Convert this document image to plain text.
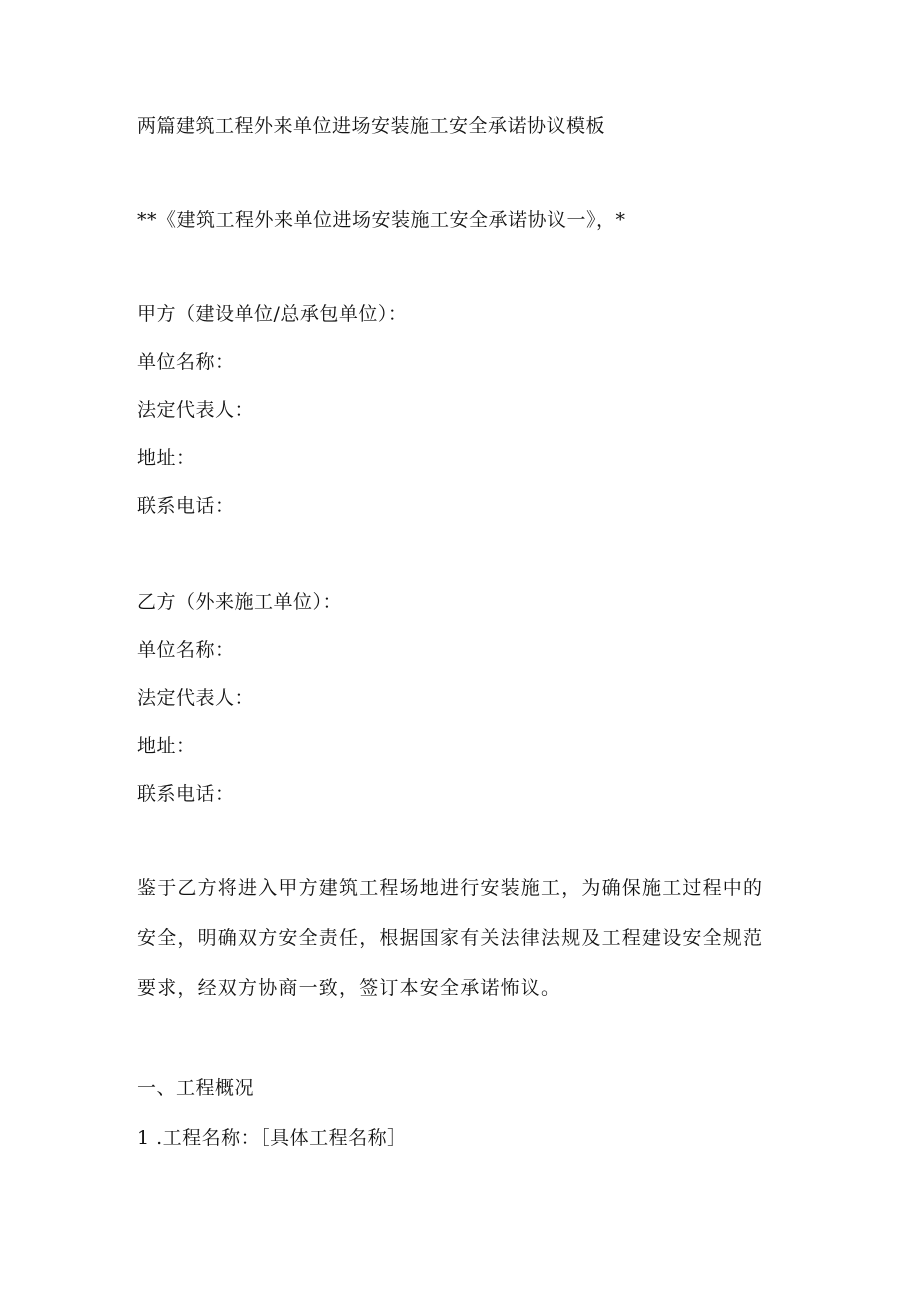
两篇建筑工程外来单位进场安装施工安全承诺协议模板
**《建筑工程外来单位进场安装施工安全承诺协议一》，*
甲方（建设单位/总承包单位）：
单位名称：
法定代表人：
地址：
联系电话：
乙方（外来施工单位）：
单位名称：
法定代表人：
地址：
联系电话：
鉴于乙方将进入甲方建筑工程场地进行安装施工，为确保施工过程中的
安全，明确双方安全责任，根据国家有关法律法规及工程建设安全规范
要求，经双方协商一致，签订本安全承诺怖议。
一、工程概况
1 .工程名称：［具体工程名称］
